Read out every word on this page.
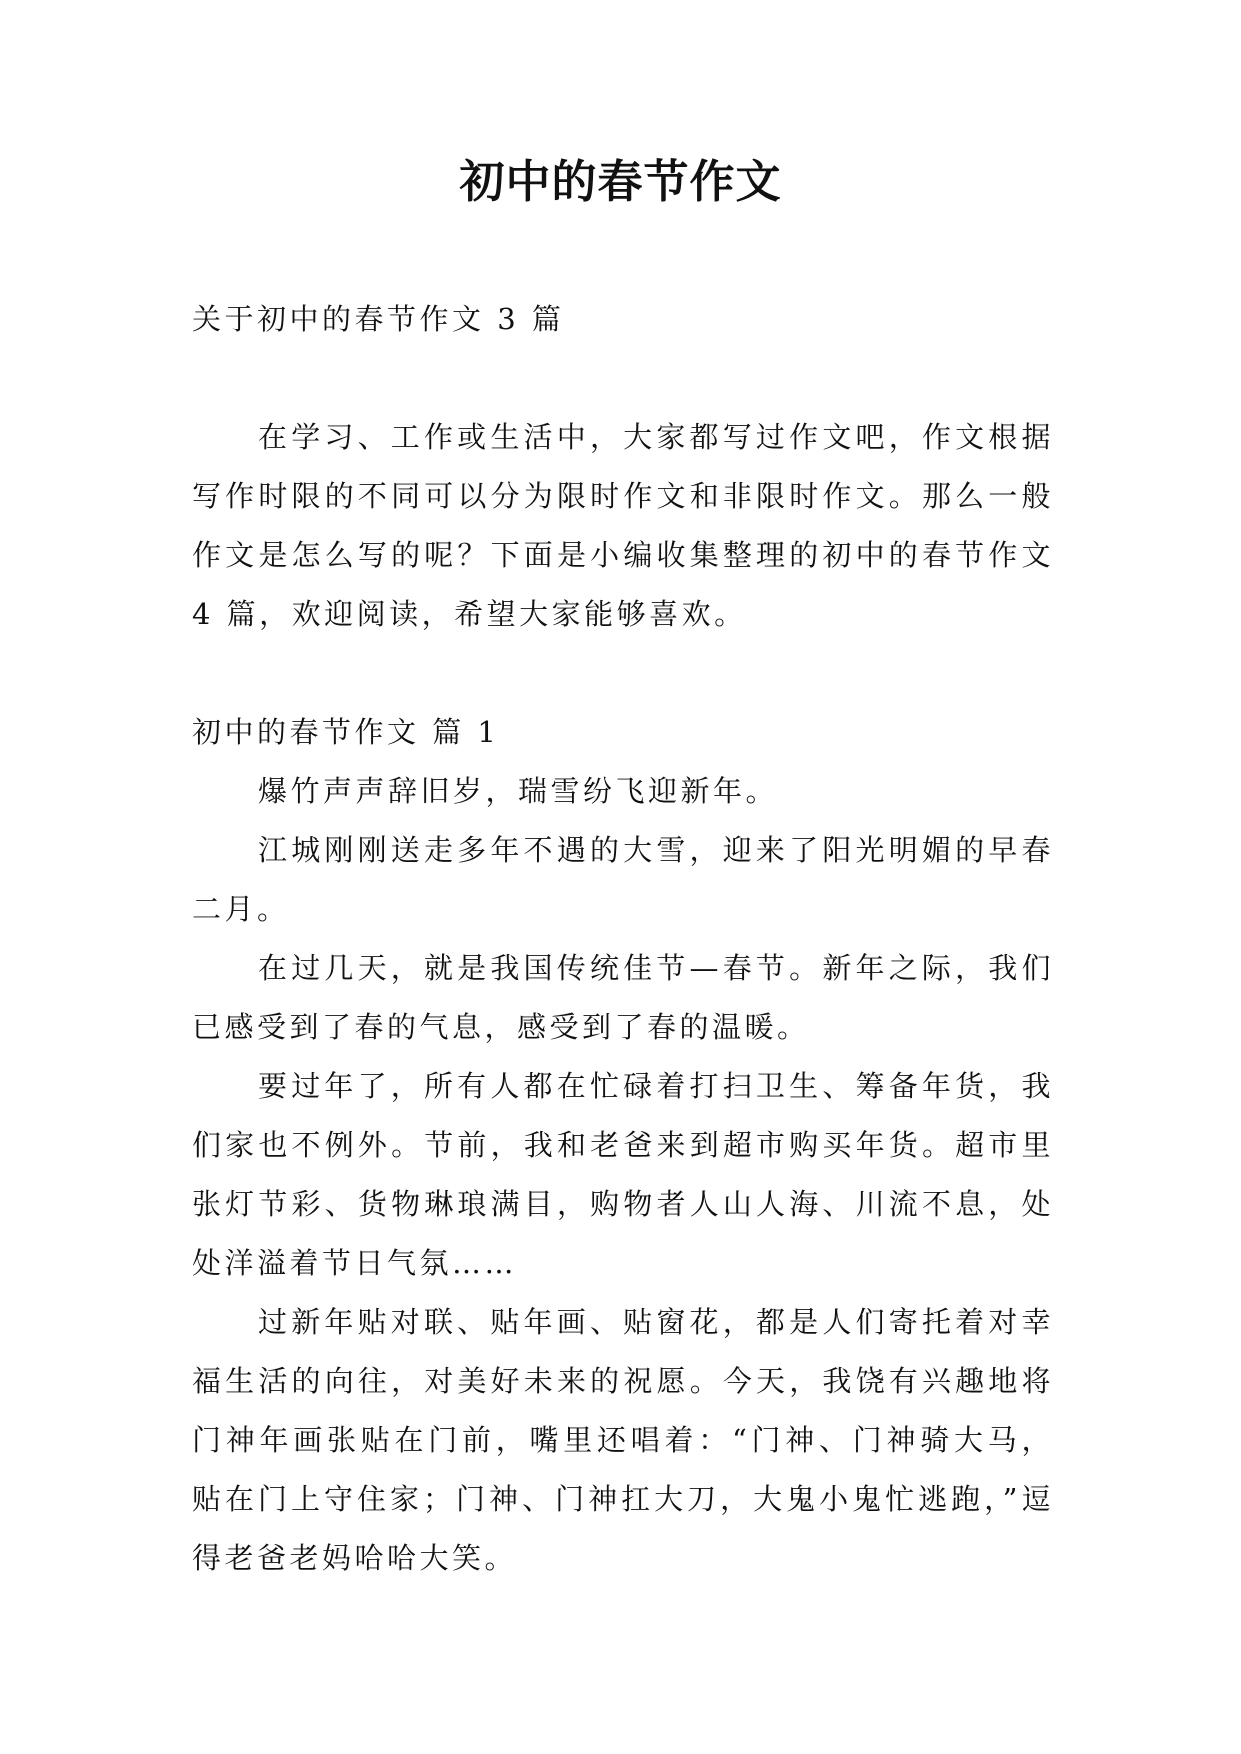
初中的春节作文

关于初中的春节作文 3 篇

在学习、工作或生活中，大家都写过作文吧，作文根据写作时限的不同可以分为限时作文和非限时作文。那么一般作文是怎么写的呢？下面是小编收集整理的初中的春节作文 4 篇，欢迎阅读，希望大家能够喜欢。

初中的春节作文 篇 1

爆竹声声辞旧岁，瑞雪纷飞迎新年。

江城刚刚送走多年不遇的大雪，迎来了阳光明媚的早春二月。

在过几天，就是我国传统佳节—春节。新年之际，我们已感受到了春的气息，感受到了春的温暖。

要过年了，所有人都在忙碌着打扫卫生、筹备年货，我们家也不例外。节前，我和老爸来到超市购买年货。超市里张灯节彩、货物琳琅满目，购物者人山人海、川流不息，处处洋溢着节日气氛……

过新年贴对联、贴年画、贴窗花，都是人们寄托着对幸福生活的向往，对美好未来的祝愿。今天，我饶有兴趣地将门神年画张贴在门前，嘴里还唱着：“门神、门神骑大马，贴在门上守住家；门神、门神扛大刀，大鬼小鬼忙逃跑，”逗得老爸老妈哈哈大笑。
